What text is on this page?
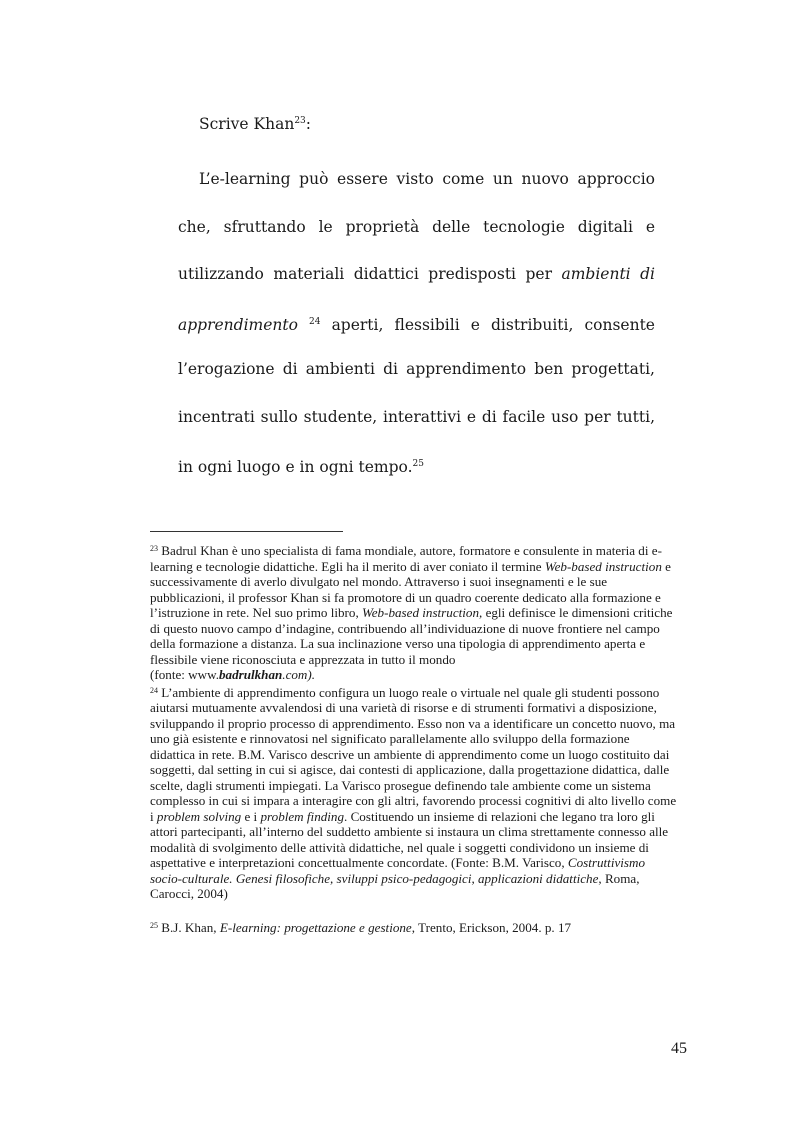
Scrive Khan$^{23}$:
L’e-learning può essere visto come un nuovo approccio
che, sfruttando le proprietà delle tecnologie digitali e
utilizzando materiali didattici predisposti per ambienti di
apprendimento $^{24}$ aperti, flessibili e distribuiti, consente
l’erogazione di ambienti di apprendimento ben progettati,
incentrati sullo studente, interattivi e di facile uso per tutti,
in ogni luogo e in ogni tempo.$^{25}$

$^{23}$ Badrul Khan è uno specialista di fama mondiale, autore, formatore e consulente in materia di e-learning e tecnologie didattiche. Egli ha il merito di aver coniato il termine Web-based instruction e successivamente di averlo divulgato nel mondo. Attraverso i suoi insegnamenti e le sue pubblicazioni, il professor Khan si fa promotore di un quadro coerente dedicato alla formazione e l’istruzione in rete. Nel suo primo libro, Web-based instruction, egli definisce le dimensioni critiche di questo nuovo campo d’indagine, contribuendo all’individuazione di nuove frontiere nel campo della formazione a distanza. La sua inclinazione verso una tipologia di apprendimento aperta e flessibile viene riconosciuta e apprezzata in tutto il mondo
(fonte: www.badrulkhan.com).

$^{24}$ L’ambiente di apprendimento configura un luogo reale o virtuale nel quale gli studenti possono aiutarsi mutuamente avvalendosi di una varietà di risorse e di strumenti formativi a disposizione, sviluppando il proprio processo di apprendimento. Esso non va a identificare un concetto nuovo, ma uno già esistente e rinnovatosi nel significato parallelamente allo sviluppo della formazione didattica in rete. B.M. Varisco descrive un ambiente di apprendimento come un luogo costituito dai soggetti, dal setting in cui si agisce, dai contesti di applicazione, dalla progettazione didattica, dalle scelte, dagli strumenti impiegati. La Varisco prosegue definendo tale ambiente come un sistema complesso in cui si impara a interagire con gli altri, favorendo processi cognitivi di alto livello come i problem solving e i problem finding. Costituendo un insieme di relazioni che legano tra loro gli attori partecipanti, all’interno del suddetto ambiente si instaura un clima strettamente connesso alle modalità di svolgimento delle attività didattiche, nel quale i soggetti condividono un insieme di aspettative e interpretazioni concettualmente concordate. (Fonte: B.M. Varisco, Costruttivismo socio-culturale. Genesi filosofiche, sviluppi psico-pedagogici, applicazioni didattiche, Roma, Carocci, 2004)

$^{25}$ B.J. Khan, E-learning: progettazione e gestione, Trento, Erickson, 2004. p. 17

45
